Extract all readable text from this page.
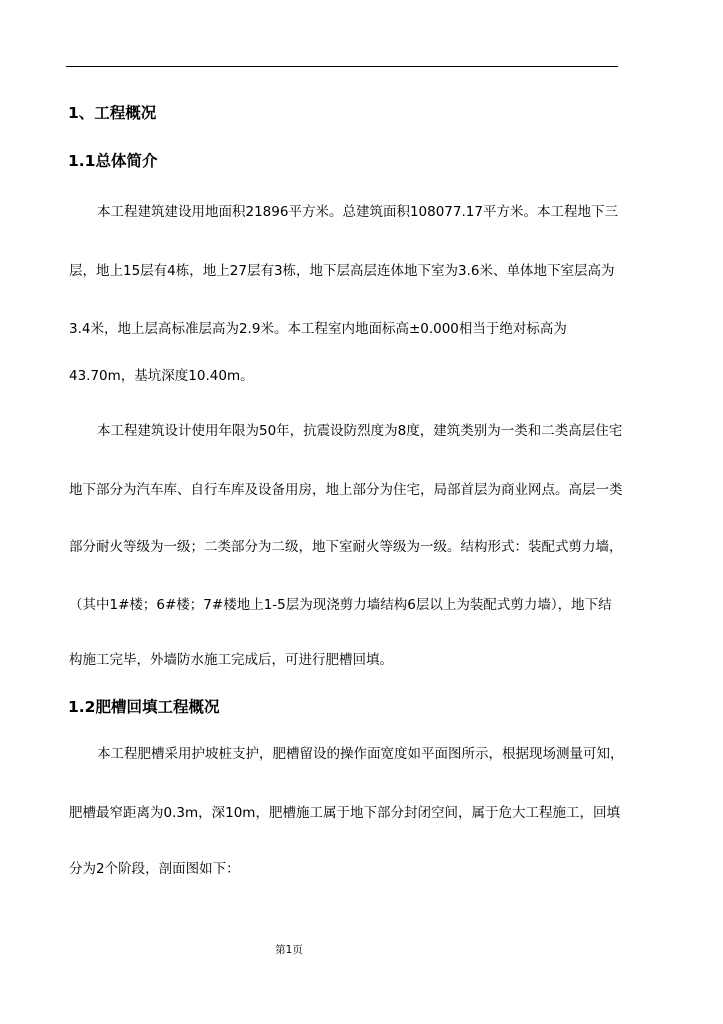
1、工程概况
1.1总体简介

本工程建筑建设用地面积21896平方米。总建筑面积108077.17平方米。本工程地下三

层，地上15层有4栋，地上27层有3栋，地下层高层连体地下室为3.6米、单体地下室层高为

3.4米，地上层高标准层高为2.9米。本工程室内地面标高±0.000相当于绝对标高为

43.70m，基坑深度10.40m。

本工程建筑设计使用年限为50年，抗震设防烈度为8度，建筑类别为一类和二类高层住宅

地下部分为汽车库、自行车库及设备用房，地上部分为住宅，局部首层为商业网点。高层一类

部分耐火等级为一级；二类部分为二级，地下室耐火等级为一级。结构形式：装配式剪力墙，

（其中1#楼；6#楼；7#楼地上1-5层为现浇剪力墙结构6层以上为装配式剪力墙），地下结

构施工完毕，外墙防水施工完成后，可进行肥槽回填。

1.2肥槽回填工程概况

本工程肥槽采用护坡桩支护，肥槽留设的操作面宽度如平面图所示，根据现场测量可知，

肥槽最窄距离为0.3m，深10m，肥槽施工属于地下部分封闭空间，属于危大工程施工，回填

分为2个阶段，剖面图如下：

第1页
